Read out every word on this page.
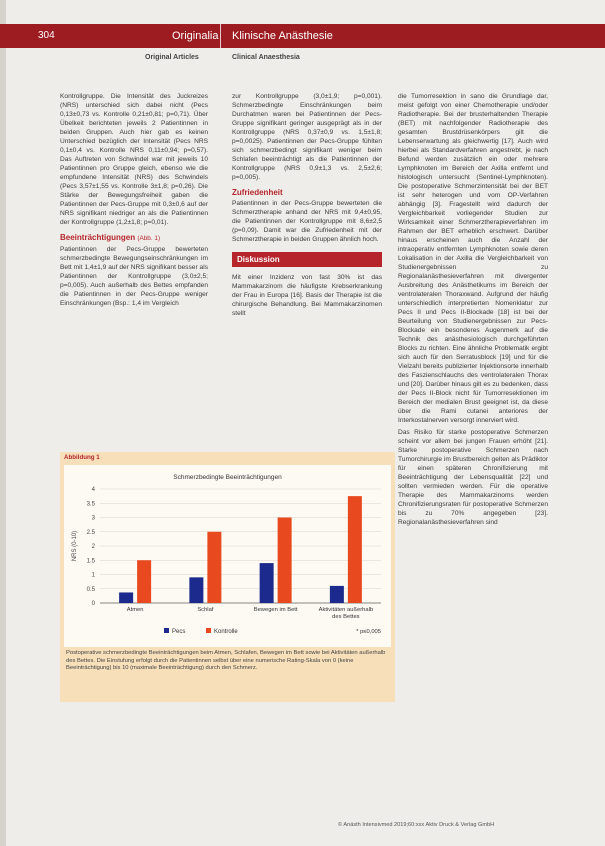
304	Originalia Klinische Anästhesie
Original Articles	Clinical Anaesthesia

Kontrollgruppe. Die Intensität des Juckreizes (NRS) unterschied sich dabei nicht (Pecs 0,13±0,73 vs. Kontrolle 0,21±0,81; p=0,71). Über Übelkeit berichteten jeweils 2 Patientinnen in beiden Gruppen. Auch hier gab es keinen Unterschied bezüglich der Intensität (Pecs NRS 0,1±0,4 vs. Kontrolle NRS 0,11±0,94; p=0,57). Das Auftreten von Schwindel war mit jeweils 10 Patientinnen pro Gruppe gleich, ebenso wie die empfundene Intensität (NRS) des Schwindels (Pecs 3,57±1,55 vs. Kontrolle 3±1,8; p=0,26). Die Stärke der Bewegungsfreiheit gaben die Patientinnen der Pecs-Gruppe mit 0,3±0,6 auf der NRS signifikant niedriger an als die Patientinnen der Kontrollgruppe (1,2±1,8; p=0,01).

Beeinträchtigungen (Abb. 1)

Patientinnen der Pecs-Gruppe bewerteten schmerzbedingte Bewegungseinschränkungen im Bett mit 1,4±1,9 auf der NRS signifikant besser als Patientinnen der Kontrollgruppe (3,0±2,5; p=0,005). Auch außerhalb des Bettes empfanden die Patientinnen in der Pecs-Gruppe weniger Einschränkungen (Bsp.: 1,4 im Vergleich

zur Kontrollgruppe (3,0±1,9; p=0,001). Schmerzbedingte Einschränkungen beim Durchatmen waren bei Patientinnen der Pecs-Gruppe signifikant geringer ausgeprägt als in der Kontrollgruppe (NRS 0,37±0,9 vs. 1,5±1,8; p=0,0025). Patientinnen der Pecs-Gruppe fühlten sich schmerzbedingt signifikant weniger beim Schlafen beeinträchtigt als die Patientinnen der Kontrollgruppe (NRS 0,9±1,3 vs. 2,5±2,6; p=0,005).

Zufriedenheit

Patientinnen in der Pecs-Gruppe bewerteten die Schmerztherapie anhand der NRS mit 9,4±0,95, die Patientinnen der Kontrollgruppe mit 8,6±2,5 (p=0,09). Damit war die Zufriedenheit mit der Schmerztherapie in beiden Gruppen ähnlich hoch.

Diskussion

Mit einer Inzidenz von fast 30% ist das Mammakarzinom die häufigste Krebserkrankung der Frau in Europa [16]. Basis der Therapie ist die chirurgische Behandlung. Bei Mammakarzinomen stellt

die Tumorresektion in sano die Grundlage dar, meist gefolgt von einer Chemotherapie und/oder Radiotherapie. Bei der brusterhaltenden Therapie (BET) mit nachfolgender Radiotherapie des gesamten Brustdrüsenkörpers gilt die Lebenserwartung als gleichwertig [17]. Auch wird hierbei als Standardverfahren angestrebt, je nach Befund werden zusätzlich ein oder mehrere Lymphknoten im Bereich der Axilla entfernt und histologisch untersucht (Sentinel-Lymphknoten). Die postoperative Schmerzintensität bei der BET ist sehr heterogen und vom OP-Verfahren abhängig [3]. Fragestellt wird dadurch der Vergleichbarkeit vorliegender Studien zur Wirksamkeit einer Schmerztherapieverfahren im Rahmen der BET erheblich erschwert. Darüber hinaus erscheinen auch die Anzahl der intraoperativ entfernten Lymphknoten sowie deren Lokalisation in der Axilla die Vergleichbarkeit von Studienergebnissen zu Regionalanästhesieverfahren mit divergenter Ausbreitung des Anästhetikums im Bereich der ventrolateralen Thoraxwand. Aufgrund der häufig unterschiedlich interpretierten Nomenklatur zur Pecs II und Pecs II-Blockade [18] ist bei der Beurteilung von Studienergebnissen zur Pecs-Blockade ein besonderes Augenmerk auf die Technik des anästhesiologisch durchgeführten Blocks zu richten. Eine ähnliche Problematik ergibt sich auch für den Serratusblock [19] und für die Vielzahl bereits publizierter Injektionsorte innerhalb des Faszienschlauchs des ventrolateralen Thorax und [20]. Darüber hinaus gilt es zu bedenken, dass der Pecs II-Block nicht für Tumorresektionen im Bereich der medialen Brust geeignet ist, da diese über die Rami cutanei anteriores der Interkostalnerven versorgt innerviert wird.

Das Risiko für starke postoperative Schmerzen scheint vor allem bei jungen Frauen erhöht [21]. Starke postoperative Schmerzen nach Tumorchirurgie im Brustbereich gelten als Prädiktor für einen späteren Chronifizierung mit Beeinträchtigung der Lebensqualität [22] und sollten vermieden werden. Für die operative Therapie des Mammakarzinoms werden Chronifizierungsraten für postoperative Schmerzen bis zu 70% angegeben [23]. Regionalanästhesieverfahren sind

Abbildung 1
Schmerzbedingte Beeinträchtigungen
0
0.5
1
1.5
2
2.5
3
3.5
4
NRS (0-10)
Atmen	Schlaf	Bewegen im Bett	Aktivitäten außerhalb
des Bettes
Pecs	Kontrolle	* p≤0,005
Postoperative schmerzbedingte Beeinträchtigungen beim Atmen, Schlafen, Bewegen im Bett sowie bei Aktivitäten außerhalb des Bettes. Die Einstufung erfolgt durch die Patientinnen selbst über eine numerische Rating-Skala von 0 (keine Beeinträchtigung) bis 10 (maximale Beeinträchtigung) durch den Schmerz.
© Anästh Intensivmed 2019;60:xxx Aktiv Druck & Verlag GmbH
